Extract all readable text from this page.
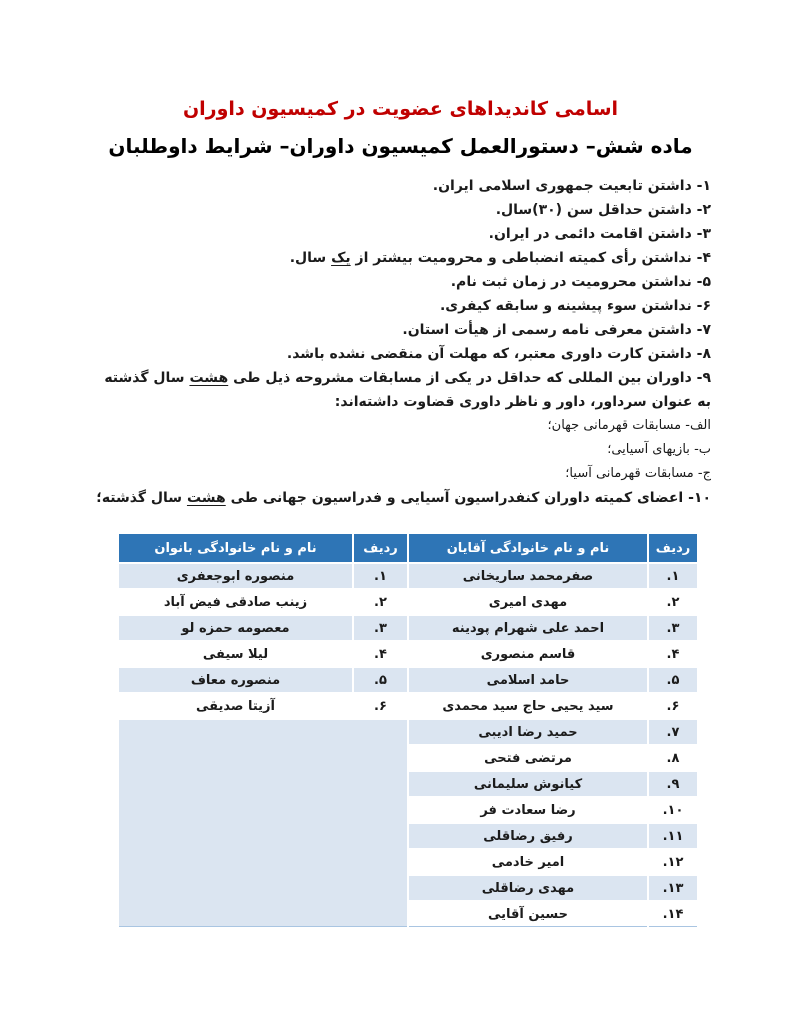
اسامی کاندیداهای عضویت در کمیسیون داوران
ماده شش– دستورالعمل کمیسیون داوران– شرایط داوطلبان
۱- داشتن تابعیت جمهوری اسلامی ایران.
۲- داشتن حداقل سن (۳۰)سال.
۳- داشتن اقامت دائمی در ایران.
۴- نداشتن رأی کمیته انضباطی و محرومیت بیشتر از یک سال.
۵- نداشتن محرومیت در زمان ثبت نام.
۶- نداشتن سوء پیشینه و سابقه کیفری.
۷- داشتن معرفی نامه رسمی از هیأت استان.
۸- داشتن کارت داوری معتبر، که مهلت آن منقضی نشده باشد.
۹- داوران بین المللی که حداقل در یکی از مسابقات مشروحه ذیل طی هشت سال گذشته به عنوان سرداور، داور و ناظر داوری قضاوت داشته‌اند:
الف- مسابقات قهرمانی جهان؛
ب- بازیهای آسیایی؛
ج- مسابقات قهرمانی آسیا؛
۱۰- اعضای کمیته داوران کنفدراسیون آسیایی و فدراسیون جهانی طی هشت سال گذشته؛
ردیف	نام و نام خانوادگی آقایان	ردیف	نام و نام خانوادگی بانوان
۱.	صفرمحمد ساریخانی	۱.	منصوره ابوجعفری
۲.	مهدی امیری	۲.	زینب صادقی فیض آباد
۳.	احمد علی شهرام پودینه	۳.	معصومه حمزه لو
۴.	قاسم منصوری	۴.	لیلا سیفی
۵.	حامد اسلامی	۵.	منصوره معاف
۶.	سید یحیی حاج سید محمدی	۶.	آزیتا صدیقی
۷.	حمید رضا ادیبی		
۸.	مرتضی فتحی		
۹.	کیانوش سلیمانی		
۱۰.	رضا سعادت فر		
۱۱.	رفیق رضاقلی		
۱۲.	امیر خادمی		
۱۳.	مهدی رضاقلی		
۱۴.	حسین آقایی		
